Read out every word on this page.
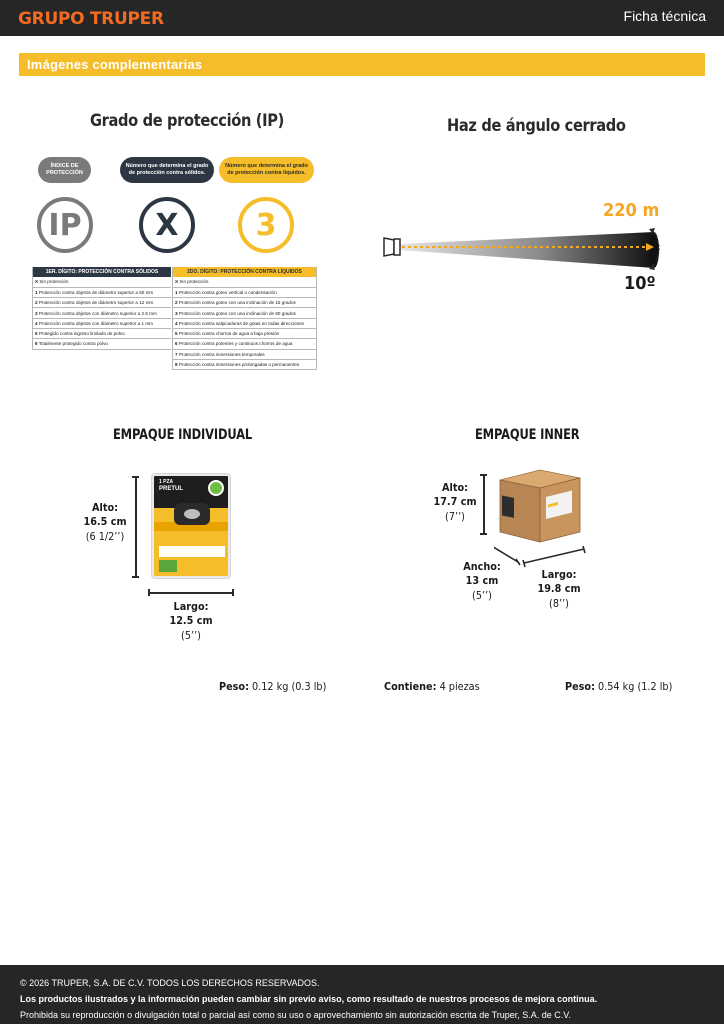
GRUPO TRUPER	Ficha técnica
Imágenes complementarias
Grado de protección (IP)
ÍNDICE DE PROTECCIÓN
Número que determina el grado de protección contra sólidos.
Número que determina el grado de protección contra líquidos.
IP	X	3
1ER. DÍGITO: PROTECCIÓN CONTRA SÓLIDOS
X Sin protección
1 Protección contra objetos de diámetro superior a 50 mm
2 Protección contra objetos de diámetro superior a 12 mm
3 Protección contra objetos con diámetro superior a 2.5 mm
4 Protección contra objetos con diámetro superior a 1 mm
5 Protegido contra ingreso limitado de polvo
6 Totalmente protegido contra polvo
2DO. DÍGITO: PROTECCIÓN CONTRA LÍQUIDOS
X Sin protección
1 Protección contra goteo vertical o condensación
2 Protección contra goteo con una inclinación de 15 grados
3 Protección contra goteo con una inclinación de 60 grados
4 Protección contra salpicaduras de gotas en todas direcciones
5 Protección contra chorros de agua a baja presión
6 Protección contra potentes y continuos chorros de agua
7 Protección contra inmersiones temporales
8 Protección contra inmersiones prolongadas o permanentes
Haz de ángulo cerrado
220 m
10º
EMPAQUE INDIVIDUAL
Alto:
16.5 cm
(6 1/2’’)
1 PZA
PRETUL
Largo:
12.5 cm
(5’’)
EMPAQUE INNER
Alto:
17.7 cm
(7’’)
Ancho:
13 cm
(5’’)
Largo:
19.8 cm
(8’’)
Peso: 0.12 kg (0.3 lb)	Contiene: 4 piezas	Peso: 0.54 kg (1.2 lb)
© 2026 TRUPER, S.A. DE C.V. TODOS LOS DERECHOS RESERVADOS.
Los productos ilustrados y la información pueden cambiar sin previo aviso, como resultado de nuestros procesos de mejora continua.
Prohibida su reproducción o divulgación total o parcial así como su uso o aprovechamiento sin autorización escrita de Truper, S.A. de C.V.
